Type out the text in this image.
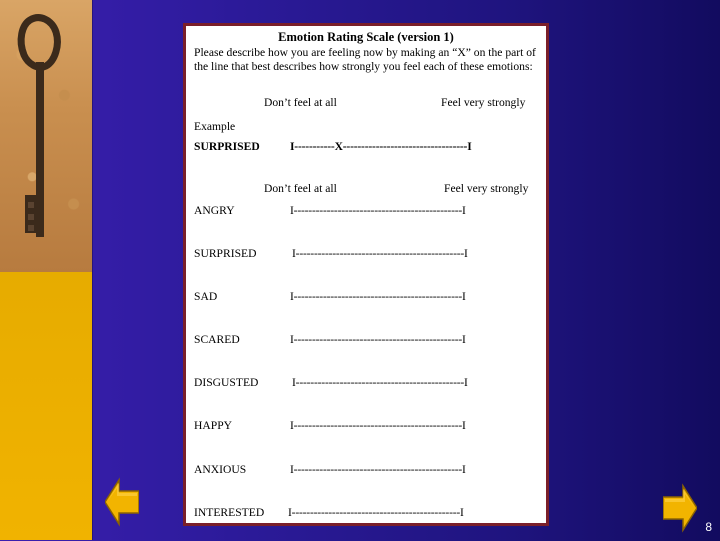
Emotion Rating Scale (version 1)
Please describe how you are feeling now by making an “X” on the part of the line that best describes how strongly you feel each of these emotions:
Don’t feel at all	Feel very strongly
Example
SURPRISED	I-----------X----------------------------------I
Don’t feel at all	Feel very strongly
ANGRY	I----------------------------------------------I
SURPRISED	I----------------------------------------------I
SAD	I----------------------------------------------I
SCARED	I----------------------------------------------I
DISGUSTED	I----------------------------------------------I
HAPPY	I----------------------------------------------I
ANXIOUS	I----------------------------------------------I
INTERESTED I----------------------------------------------I
8
